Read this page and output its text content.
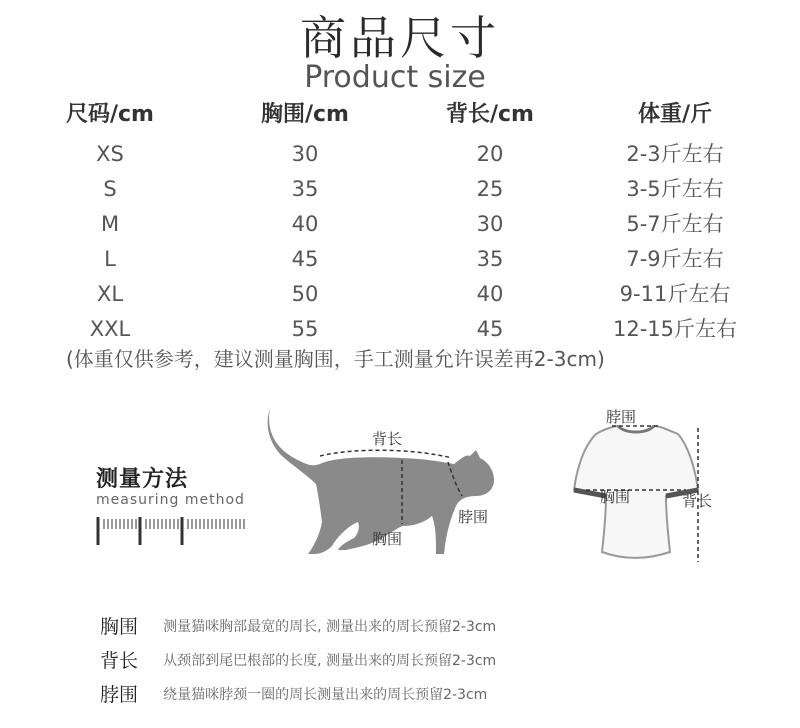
商品尺寸
Product size
尺码/cm	胸围/cm	背长/cm	体重/斤
XS	30	20	2-3斤左右
S	35	25	3-5斤左右
M	40	30	5-7斤左右
L	45	35	7-9斤左右
XL	50	40	9-11斤左右
XXL	55	45	12-15斤左右
(体重仅供参考，建议测量胸围，手工测量允许误差再2-3cm)
测量方法
measuring method
背长
脖围
胸围
脖围
胸围	背长
胸围 测量猫咪胸部最宽的周长, 测量出来的周长预留2-3cm
背长 从颈部到尾巴根部的长度, 测量出来的周长预留2-3cm
脖围 绕量猫咪脖颈一圈的周长测量出来的周长预留2-3cm
